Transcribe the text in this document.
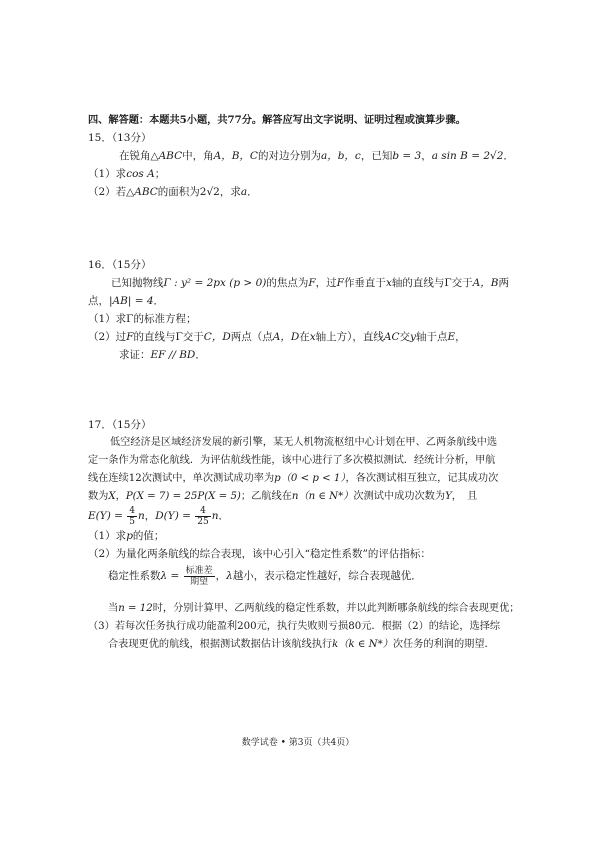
四、解答题：本题共5小题，共77分。解答应写出文字说明、证明过程或演算步骤。
15．（13分）
在锐角△ABC中，角A，B，C的对边分别为a，b，c，已知b = 3，a sin B = 2√2．
（1）求cos A；
（2）若△ABC的面积为2√2，求a．
16．（15分）
已知抛物线Γ : y² = 2px (p > 0)的焦点为F，过F作垂直于x轴的直线与Γ交于A，B两
点，|AB| = 4．
（1）求Γ的标准方程；
（2）过F的直线与Γ交于C，D两点（点A，D在x轴上方），直线AC交y轴于点E，
求证：EF // BD．
17．（15分）
低空经济是区域经济发展的新引擎，某无人机物流枢纽中心计划在甲、乙两条航线中选
定一条作为常态化航线．为评估航线性能，该中心进行了多次模拟测试．经统计分析，甲航
线在连续12次测试中，单次测试成功率为p（0 < p < 1），各次测试相互独立，记其成功次
数为X，P(X = 7) = 25P(X = 5)；乙航线在n（n ∈ N*）次测试中成功次数为Y，　且
$E(Y) = \frac{4}{5}$ n，$D(Y) = \frac{4}{25}$ n．
（1）求p的值；
（2）为量化两条航线的综合表现，该中心引入“稳定性系数”的评估指标：
稳定性系数$\lambda = \frac{\text{标准差}}{\text{期望}}$ ，λ越小，表示稳定性越好，综合表现越优．
当n = 12时，分别计算甲、乙两航线的稳定性系数，并以此判断哪条航线的综合表现更优；
（3）若每次任务执行成功能盈利200元，执行失败则亏损80元．根据（2）的结论，选择综
合表现更优的航线，根据测试数据估计该航线执行k（k ∈ N*）次任务的利润的期望．
数学试卷 • 第3页（共4页）
